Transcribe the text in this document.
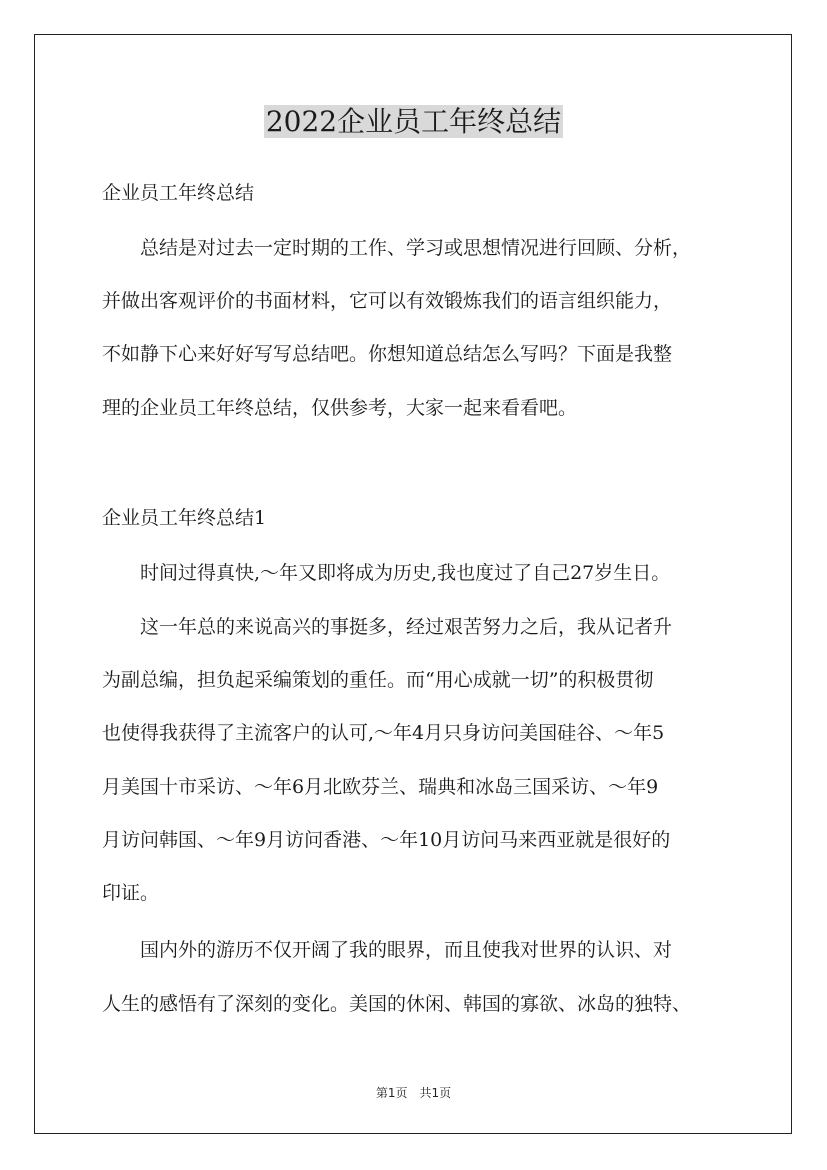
2022企业员工年终总结

企业员工年终总结

　　总结是对过去一定时期的工作、学习或思想情况进行回顾、分析，

并做出客观评价的书面材料，它可以有效锻炼我们的语言组织能力，

不如静下心来好好写写总结吧。你想知道总结怎么写吗？下面是我整

理的企业员工年终总结，仅供参考，大家一起来看看吧。

企业员工年终总结1

　　时间过得真快,～年又即将成为历史,我也度过了自己27岁生日。

　　这一年总的来说高兴的事挺多，经过艰苦努力之后，我从记者升

为副总编，担负起采编策划的重任。而“用心成就一切”的积极贯彻

也使得我获得了主流客户的认可,～年4月只身访问美国硅谷、～年5

月美国十市采访、～年6月北欧芬兰、瑞典和冰岛三国采访、～年9

月访问韩国、～年9月访问香港、～年10月访问马来西亚就是很好的

印证。

　　国内外的游历不仅开阔了我的眼界，而且使我对世界的认识、对

人生的感悟有了深刻的变化。美国的休闲、韩国的寡欲、冰岛的独特、

第1页　共1页
